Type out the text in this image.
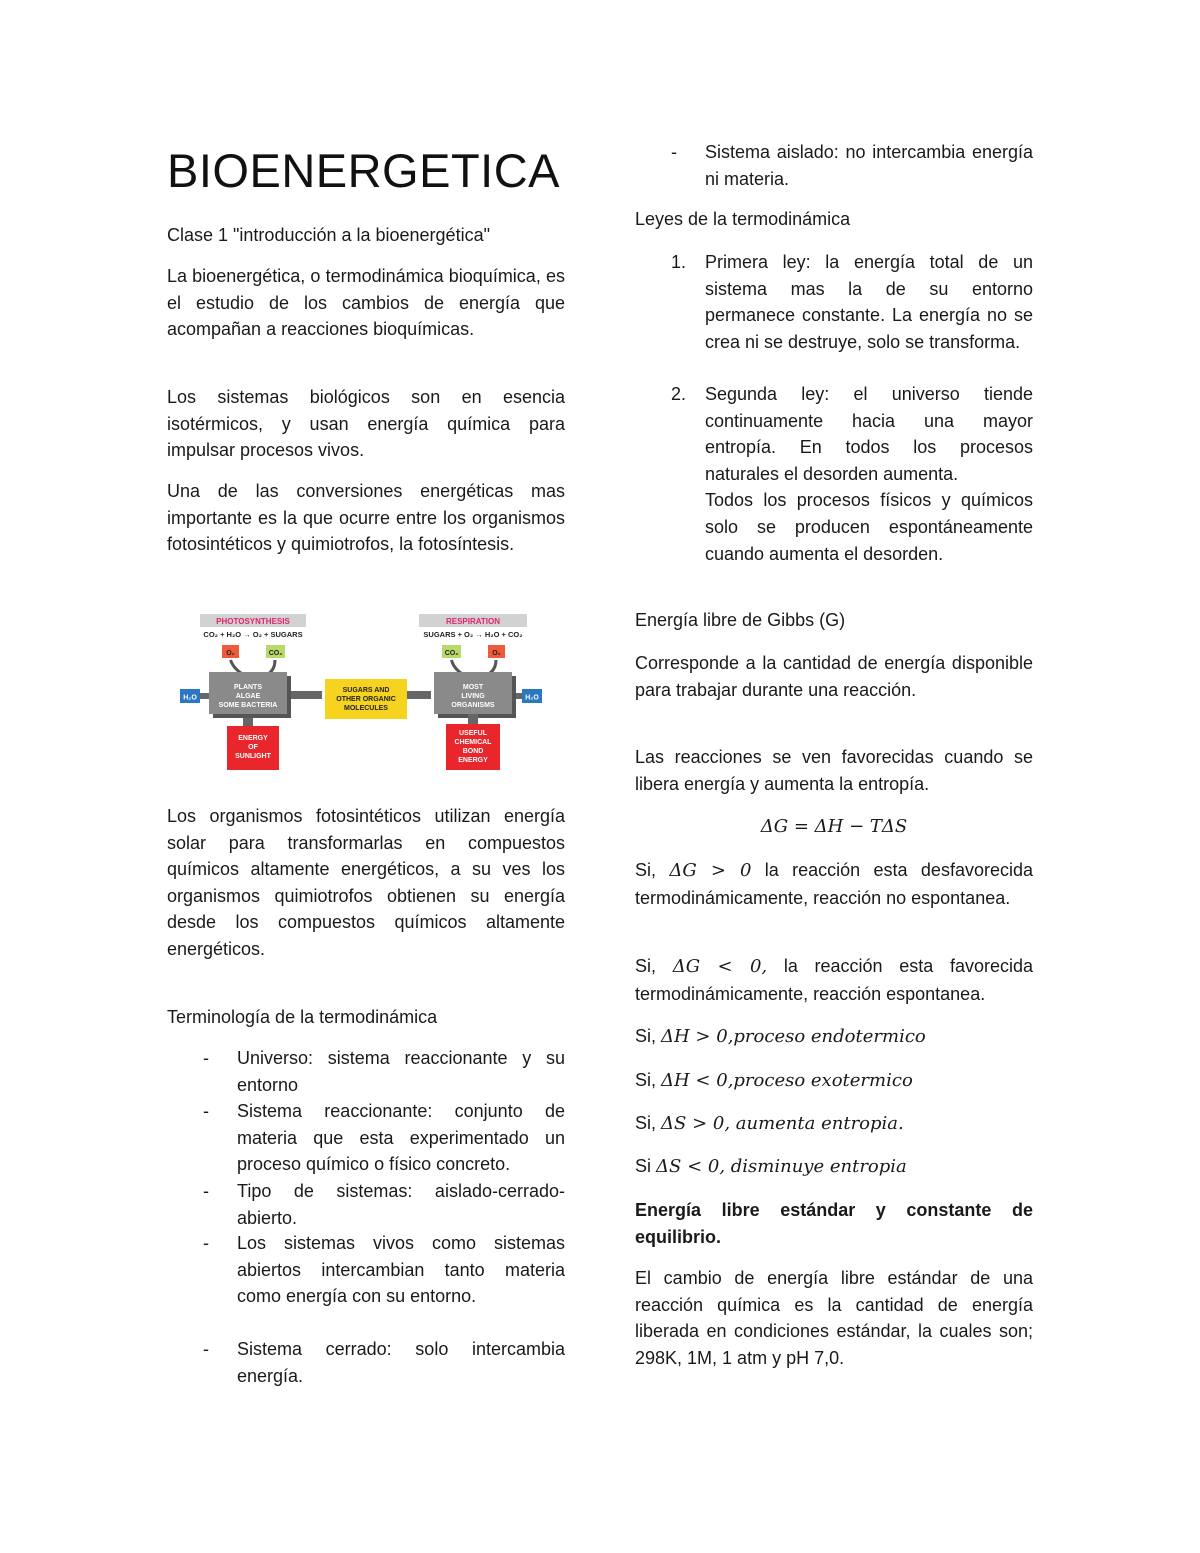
BIOENERGETICA
Clase 1 "introducción a la bioenergética"
La bioenergética, o termodinámica bioquímica, es el estudio de los cambios de energía que acompañan a reacciones bioquímicas.
Los sistemas biológicos son en esencia isotérmicos, y usan energía química para impulsar procesos vivos.
Una de las conversiones energéticas mas importante es la que ocurre entre los organismos fotosintéticos y quimiotrofos, la fotosíntesis.
PHOTOSYNTHESIS
CO₂ + H₂O → O₂ + SUGARS
RESPIRATION
SUGARS + O₂ → H₂O + CO₂
O₂	CO₂	CO₂	O₂
H₂O
PLANTS
ALGAE
SOME BACTERIA
SUGARS AND
OTHER ORGANIC
MOLECULES
MOST
LIVING
ORGANISMS
H₂O
ENERGY
OF
SUNLIGHT
USEFUL
CHEMICAL
BOND
ENERGY
Los organismos fotosintéticos utilizan energía solar para transformarlas en compuestos químicos altamente energéticos, a su ves los organismos quimiotrofos obtienen su energía desde los compuestos químicos altamente energéticos.
Terminología de la termodinámica
- Universo: sistema reaccionante y su entorno
- Sistema reaccionante: conjunto de materia que esta experimentado un proceso químico o físico concreto.
- Tipo de sistemas: aislado-cerrado-abierto.
- Los sistemas vivos como sistemas abiertos intercambian tanto materia como energía con su entorno.
- Sistema cerrado: solo intercambia energía.
- Sistema aislado: no intercambia energía ni materia.
Leyes de la termodinámica
1. Primera ley: la energía total de un sistema mas la de su entorno permanece constante. La energía no se crea ni se destruye, solo se transforma.
2. Segunda ley: el universo tiende continuamente hacia una mayor entropía. En todos los procesos naturales el desorden aumenta.
Todos los procesos físicos y químicos solo se producen espontáneamente cuando aumenta el desorden.
Energía libre de Gibbs (G)
Corresponde a la cantidad de energía disponible para trabajar durante una reacción.
Las reacciones se ven favorecidas cuando se libera energía y aumenta la entropía.
ΔG = ΔH − TΔS
Si, ΔG > 0 la reacción esta desfavorecida termodinámicamente, reacción no espontanea.
Si, ΔG < 0, la reacción esta favorecida termodinámicamente, reacción espontanea.
Si, ΔH > 0,proceso endotermico
Si, ΔH < 0,proceso exotermico
Si, ΔS > 0, aumenta entropia.
Si ΔS < 0, disminuye entropia
Energía libre estándar y constante de equilibrio.
El cambio de energía libre estándar de una reacción química es la cantidad de energía liberada en condiciones estándar, la cuales son; 298K, 1M, 1 atm y pH 7,0.
